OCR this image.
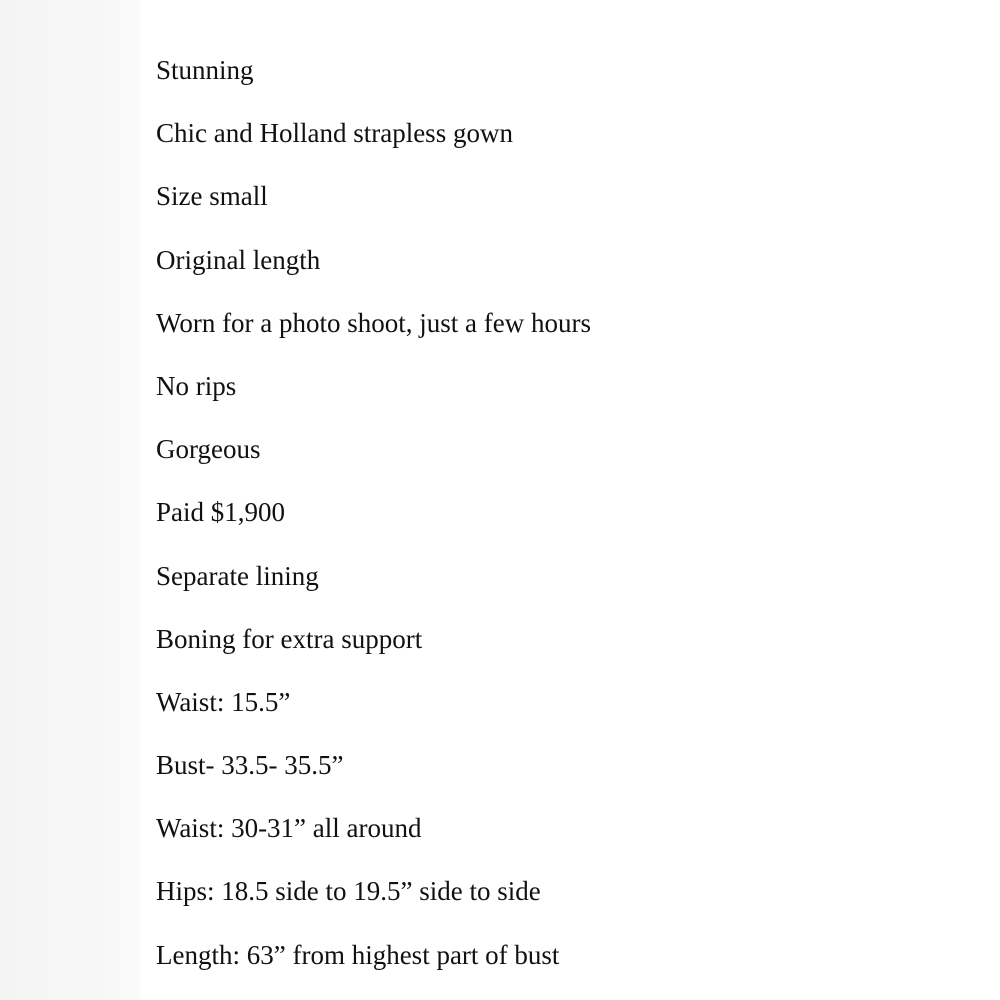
Stunning

Chic and Holland strapless gown

Size small

Original length

Worn for a photo shoot, just a few hours

No rips

Gorgeous

Paid $1,900

Separate lining

Boning for extra support

Waist: 15.5”

Bust- 33.5- 35.5”

Waist: 30-31” all around

Hips: 18.5 side to 19.5” side to side

Length: 63” from highest part of bust
